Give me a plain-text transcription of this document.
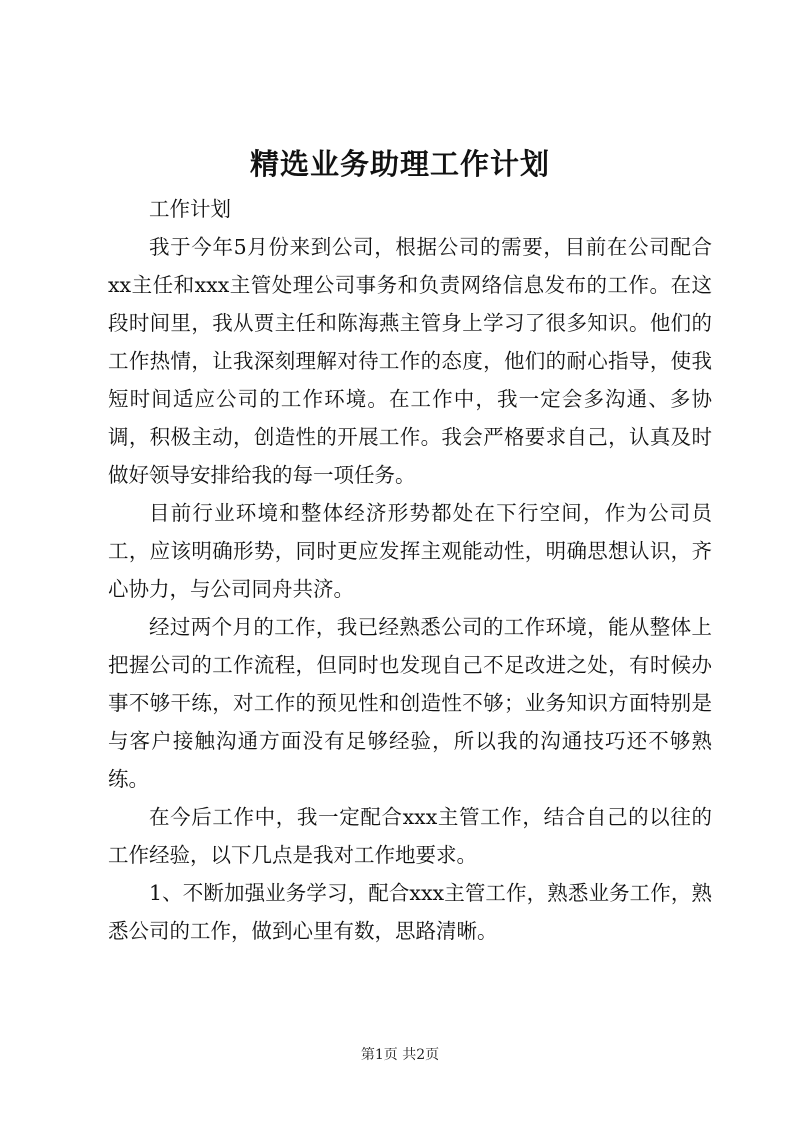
精选业务助理工作计划

工作计划

我于今年5月份来到公司，根据公司的需要，目前在公司配合xx主任和xxx主管处理公司事务和负责网络信息发布的工作。在这段时间里，我从贾主任和陈海燕主管身上学习了很多知识。他们的工作热情，让我深刻理解对待工作的态度，他们的耐心指导，使我短时间适应公司的工作环境。在工作中，我一定会多沟通、多协调，积极主动，创造性的开展工作。我会严格要求自己，认真及时做好领导安排给我的每一项任务。

目前行业环境和整体经济形势都处在下行空间，作为公司员工，应该明确形势，同时更应发挥主观能动性，明确思想认识，齐心协力，与公司同舟共济。

经过两个月的工作，我已经熟悉公司的工作环境，能从整体上把握公司的工作流程，但同时也发现自己不足改进之处，有时候办事不够干练，对工作的预见性和创造性不够；业务知识方面特别是与客户接触沟通方面没有足够经验，所以我的沟通技巧还不够熟练。

在今后工作中，我一定配合xxx主管工作，结合自己的以往的工作经验，以下几点是我对工作地要求。

1、不断加强业务学习，配合xxx主管工作，熟悉业务工作，熟悉公司的工作，做到心里有数，思路清晰。

第1页 共2页
